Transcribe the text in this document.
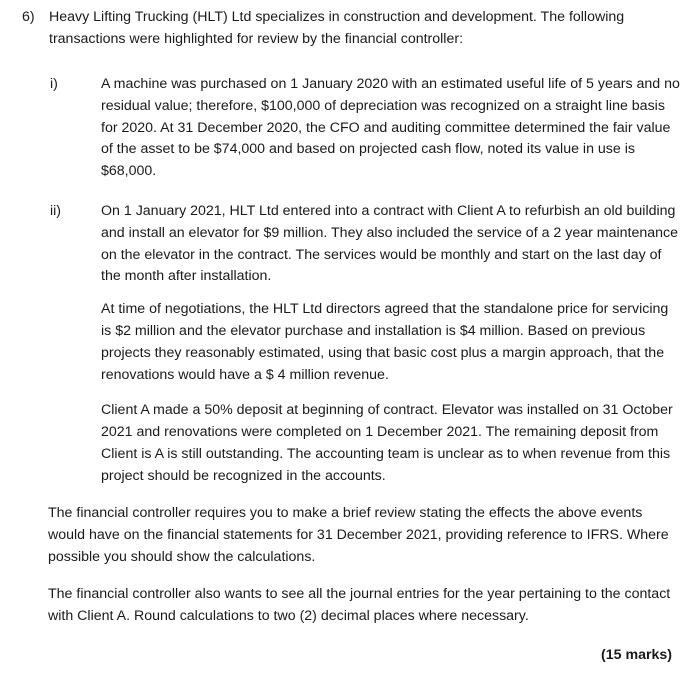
6)	Heavy Lifting Trucking (HLT) Ltd specializes in construction and development. The following transactions were highlighted for review by the financial controller:
i)	A machine was purchased on 1 January 2020 with an estimated useful life of 5 years and no residual value; therefore, $100,000 of depreciation was recognized on a straight line basis for 2020. At 31 December 2020, the CFO and auditing committee determined the fair value of the asset to be $74,000 and based on projected cash flow, noted its value in use is $68,000.

ii)	On 1 January 2021, HLT Ltd entered into a contract with Client A to refurbish an old building and install an elevator for $9 million. They also included the service of a 2 year maintenance on the elevator in the contract. The services would be monthly and start on the last day of the month after installation.

At time of negotiations, the HLT Ltd directors agreed that the standalone price for servicing is $2 million and the elevator purchase and installation is $4 million. Based on previous projects they reasonably estimated, using that basic cost plus a margin approach, that the renovations would have a $ 4 million revenue.

Client A made a 50% deposit at beginning of contract. Elevator was installed on 31 October 2021 and renovations were completed on 1 December 2021. The remaining deposit from Client is A is still outstanding. The accounting team is unclear as to when revenue from this project should be recognized in the accounts.

The financial controller requires you to make a brief review stating the effects the above events would have on the financial statements for 31 December 2021, providing reference to IFRS. Where possible you should show the calculations.

The financial controller also wants to see all the journal entries for the year pertaining to the contact with Client A. Round calculations to two (2) decimal places where necessary.

(15 marks)
